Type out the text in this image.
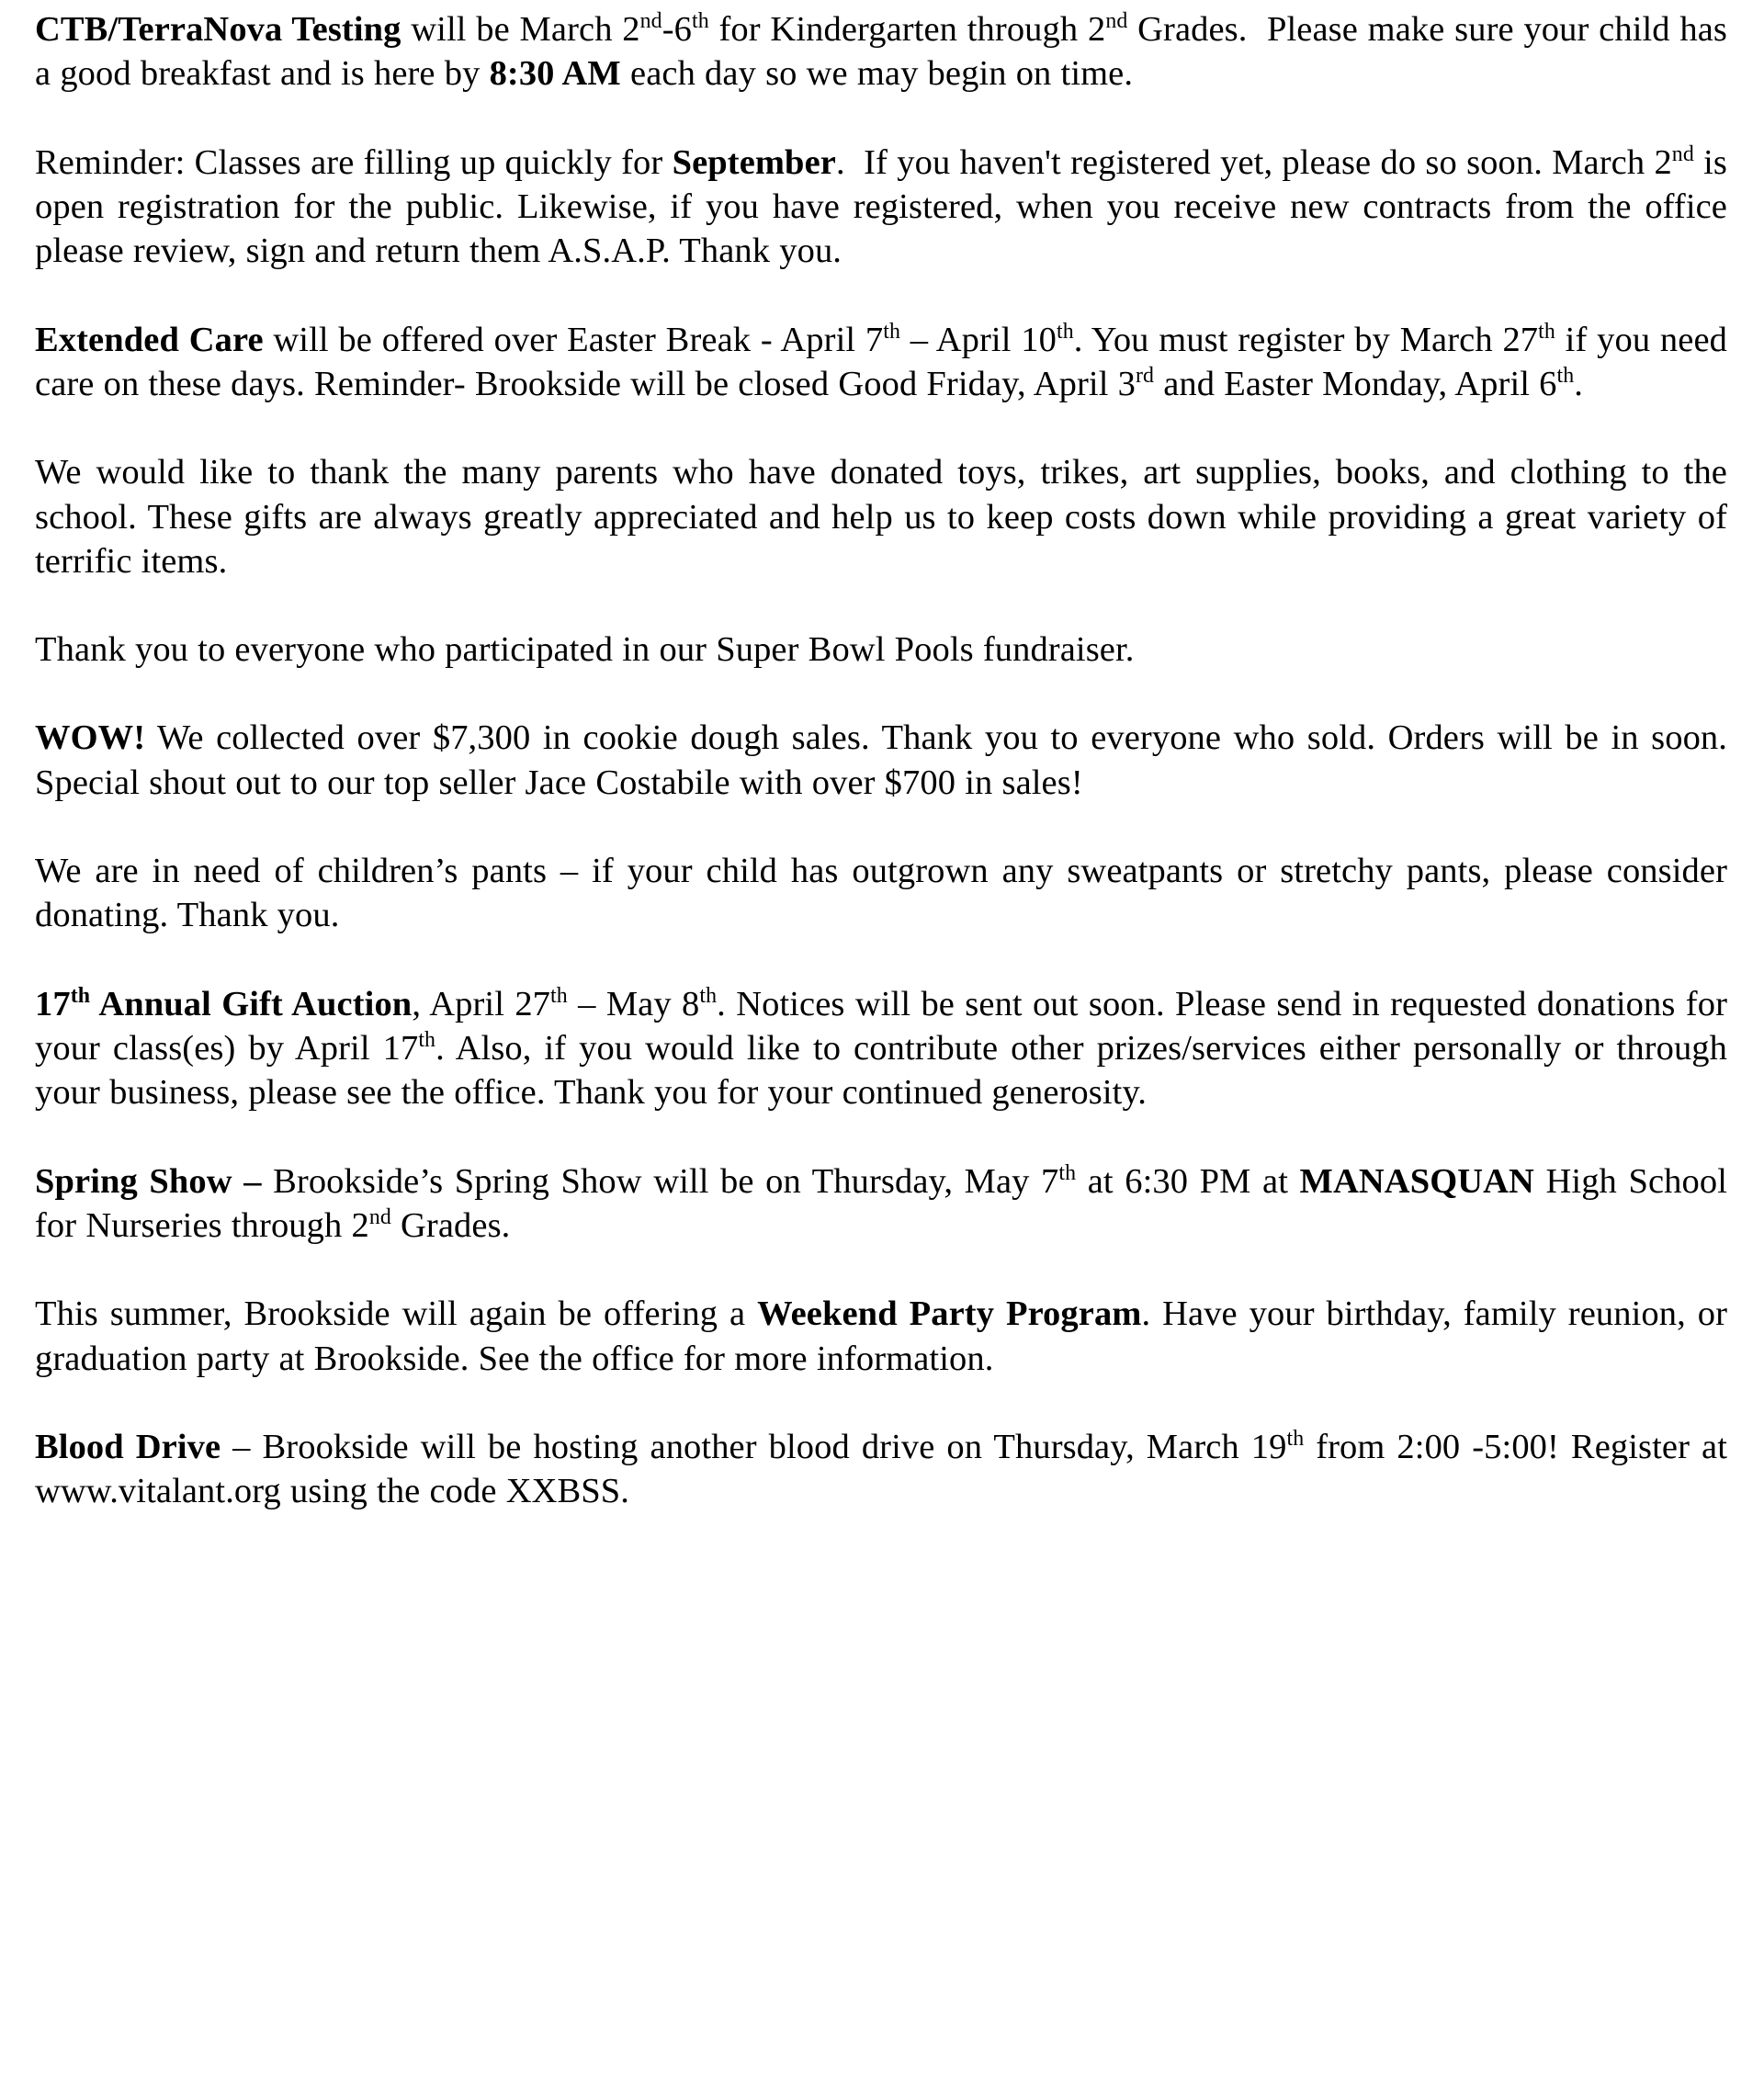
CTB/TerraNova Testing will be March 2nd-6th for Kindergarten through 2nd Grades.  Please make sure your child has a good breakfast and is here by 8:30 AM each day so we may begin on time.

Reminder: Classes are filling up quickly for September.  If you haven't registered yet, please do so soon. March 2nd is open registration for the public. Likewise, if you have registered, when you receive new contracts from the office please review, sign and return them A.S.A.P. Thank you.

Extended Care will be offered over Easter Break - April 7th – April 10th. You must register by March 27th if you need care on these days. Reminder- Brookside will be closed Good Friday, April 3rd and Easter Monday, April 6th.

We would like to thank the many parents who have donated toys, trikes, art supplies, books, and clothing to the school. These gifts are always greatly appreciated and help us to keep costs down while providing a great variety of terrific items.

Thank you to everyone who participated in our Super Bowl Pools fundraiser.

WOW! We collected over $7,300 in cookie dough sales. Thank you to everyone who sold. Orders will be in soon. Special shout out to our top seller Jace Costabile with over $700 in sales!

We are in need of children’s pants – if your child has outgrown any sweatpants or stretchy pants, please consider donating. Thank you.

17th Annual Gift Auction, April 27th – May 8th. Notices will be sent out soon. Please send in requested donations for your class(es) by April 17th. Also, if you would like to contribute other prizes/services either personally or through your business, please see the office. Thank you for your continued generosity.

Spring Show – Brookside’s Spring Show will be on Thursday, May 7th at 6:30 PM at MANASQUAN High School for Nurseries through 2nd Grades.

This summer, Brookside will again be offering a Weekend Party Program. Have your birthday, family reunion, or graduation party at Brookside. See the office for more information.

Blood Drive – Brookside will be hosting another blood drive on Thursday, March 19th from 2:00 -5:00! Register at www.vitalant.org using the code XXBSS.
